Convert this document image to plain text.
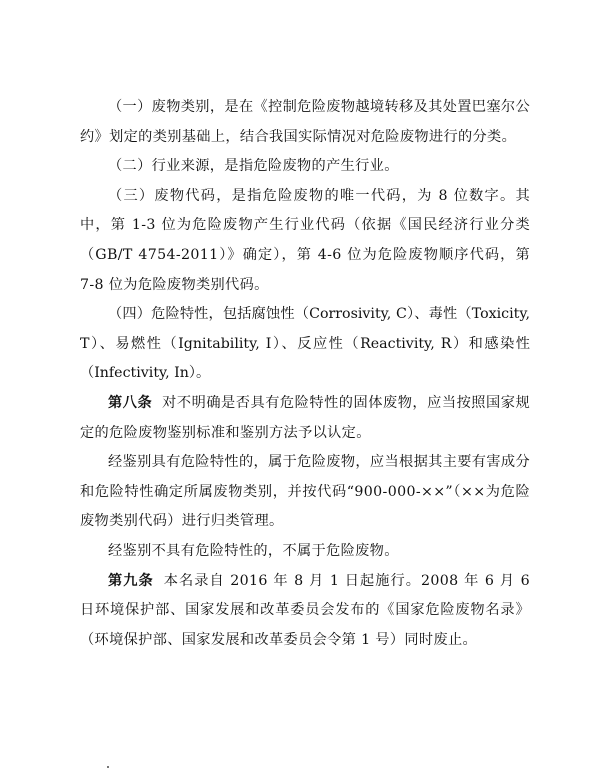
（一）废物类别，是在《控制危险废物越境转移及其处置巴塞尔公约》划定的类别基础上，结合我国实际情况对危险废物进行的分类。

（二）行业来源，是指危险废物的产生行业。

（三）废物代码，是指危险废物的唯一代码，为 8 位数字。其中，第 1-3 位为危险废物产生行业代码（依据《国民经济行业分类（GB/T 4754-2011）》确定），第 4-6 位为危险废物顺序代码，第 7-8 位为危险废物类别代码。

（四）危险特性，包括腐蚀性（Corrosivity, C）、毒性（Toxicity, T）、易燃性（Ignitability, I）、反应性（Reactivity, R）和感染性（Infectivity, In）。

第八条 对不明确是否具有危险特性的固体废物，应当按照国家规定的危险废物鉴别标准和鉴别方法予以认定。

经鉴别具有危险特性的，属于危险废物，应当根据其主要有害成分和危险特性确定所属废物类别，并按代码“900-000-××”（××为危险废物类别代码）进行归类管理。

经鉴别不具有危险特性的，不属于危险废物。

第九条 本名录自 2016 年 8 月 1 日起施行。2008 年 6 月 6 日环境保护部、国家发展和改革委员会发布的《国家危险废物名录》（环境保护部、国家发展和改革委员会令第 1 号）同时废止。
